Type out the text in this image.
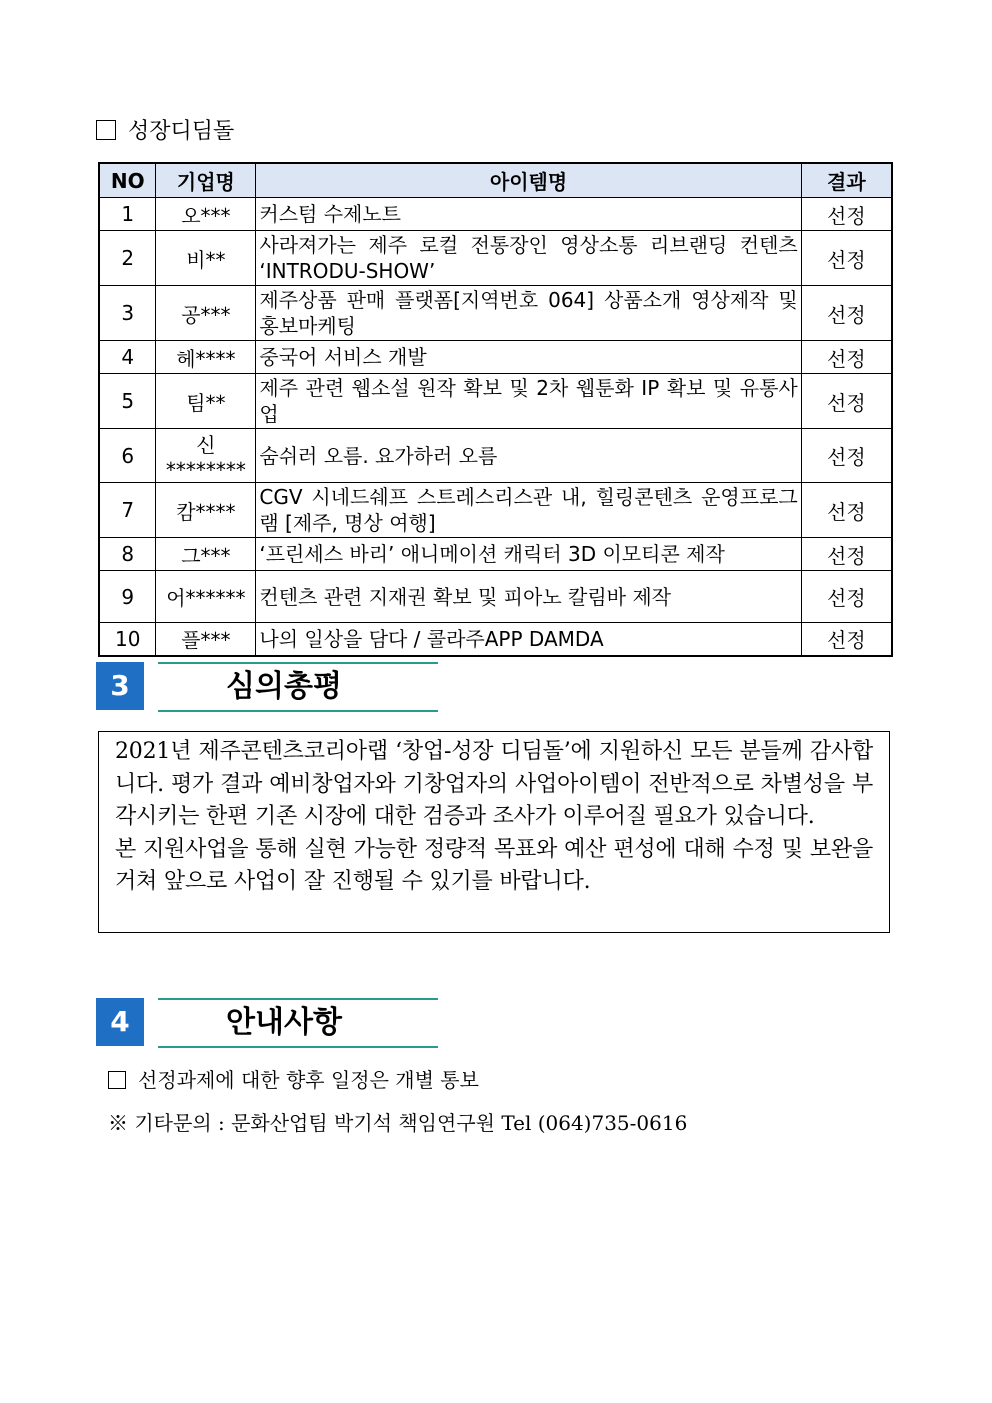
성장디딤돌
NO	기업명	아이템명	결과
1	오***	커스텀 수제노트	선정
2	비**	사라져가는 제주 로컬 전통장인 영상소통 리브랜딩 컨텐츠 ‘INTRODU-SHOW’	선정
3	공***	제주상품 판매 플랫폼[지역번호 064] 상품소개 영상제작 및 홍보마케팅	선정
4	헤****	중국어 서비스 개발	선정
5	팀**	제주 관련 웹소설 원작 확보 및 2차 웹툰화 IP 확보 및 유통사업	선정
6	신********	숨쉬러 오름. 요가하러 오름	선정
7	캄****	CGV 시네드쉐프 스트레스리스관 내, 힐링콘텐츠 운영프로그램 [제주, 명상 여행]	선정
8	그***	‘프린세스 바리’ 애니메이션 캐릭터 3D 이모티콘 제작	선정
9	어******	컨텐츠 관련 지재권 확보 및 피아노 칼림바 제작	선정
10	플***	나의 일상을 담다 / 콜라주APP DAMDA	선정
3	심의총평

2021년 제주콘텐츠코리아랩 ‘창업-성장 디딤돌’에 지원하신 모든 분들께 감사합니다. 평가 결과 예비창업자와 기창업자의 사업아이템이 전반적으로 차별성을 부각시키는 한편 기존 시장에 대한 검증과 조사가 이루어질 필요가 있습니다.

본 지원사업을 통해 실현 가능한 정량적 목표와 예산 편성에 대해 수정 및 보완을 거쳐 앞으로 사업이 잘 진행될 수 있기를 바랍니다.

4	안내사항
선정과제에 대한 향후 일정은 개별 통보
※ 기타문의 : 문화산업팀 박기석 책임연구원 Tel (064)735-0616
